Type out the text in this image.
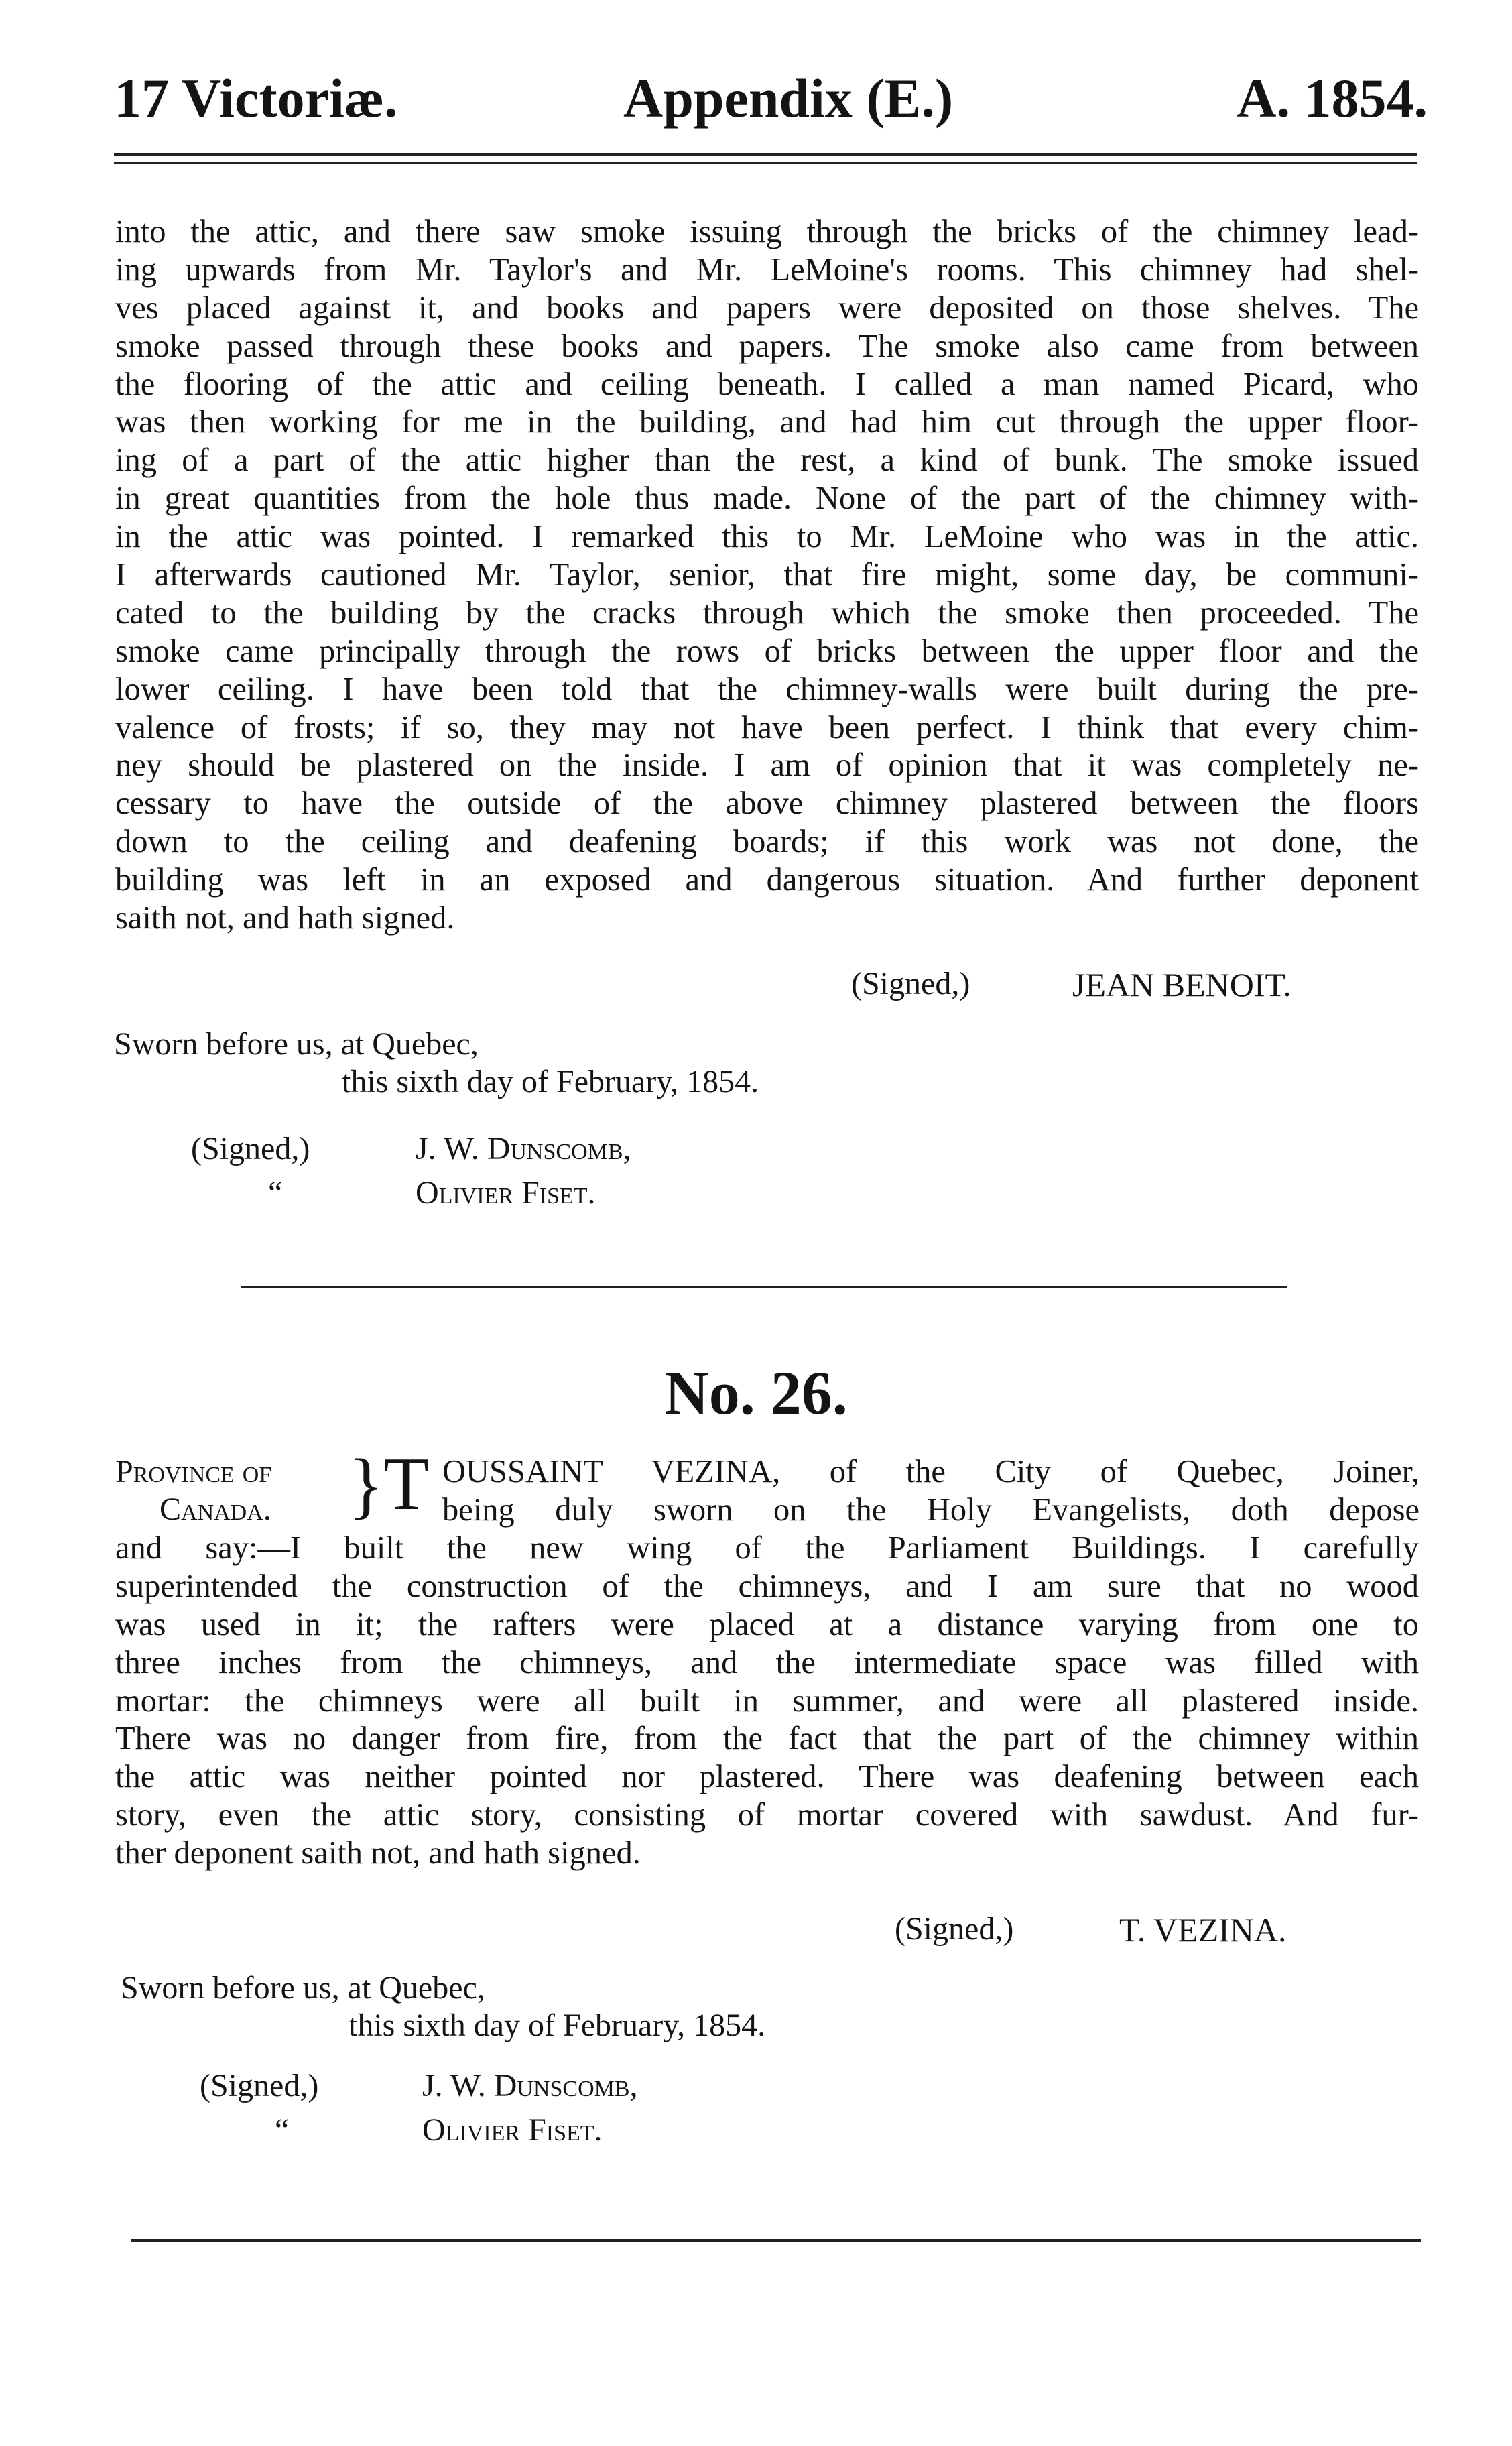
17 Victoriæ.	Appendix (E.)	A. 1854.
into the attic, and there saw smoke issuing through the bricks of the chimney lead-
ing upwards from Mr. Taylor's and Mr. LeMoine's rooms. This chimney had shel-
ves placed against it, and books and papers were deposited on those shelves. The
smoke passed through these books and papers. The smoke also came from between
the flooring of the attic and ceiling beneath. I called a man named Picard, who
was then working for me in the building, and had him cut through the upper floor-
ing of a part of the attic higher than the rest, a kind of bunk. The smoke issued
in great quantities from the hole thus made. None of the part of the chimney with-
in the attic was pointed. I remarked this to Mr. LeMoine who was in the attic.
I afterwards cautioned Mr. Taylor, senior, that fire might, some day, be communi-
cated to the building by the cracks through which the smoke then proceeded. The
smoke came principally through the rows of bricks between the upper floor and the
lower ceiling. I have been told that the chimney-walls were built during the pre-
valence of frosts; if so, they may not have been perfect. I think that every chim-
ney should be plastered on the inside. I am of opinion that it was completely ne-
cessary to have the outside of the above chimney plastered between the floors
down to the ceiling and deafening boards; if this work was not done, the
building was left in an exposed and dangerous situation. And further deponent
saith not, and hath signed.
(Signed,)	JEAN BENOIT.
Sworn before us, at Quebec,
this sixth day of February, 1854.
(Signed,)	J. W. Dunscomb,
“	Olivier Fiset.
No. 26.
Province of
Canada. } T OUSSAINT VEZINA, of the City of Quebec, Joiner,
being duly sworn on the Holy Evangelists, doth depose
and say:—I built the new wing of the Parliament Buildings. I carefully
superintended the construction of the chimneys, and I am sure that no wood
was used in it; the rafters were placed at a distance varying from one to
three inches from the chimneys, and the intermediate space was filled with
mortar: the chimneys were all built in summer, and were all plastered inside.
There was no danger from fire, from the fact that the part of the chimney within
the attic was neither pointed nor plastered. There was deafening between each
story, even the attic story, consisting of mortar covered with sawdust. And fur-
ther deponent saith not, and hath signed.
(Signed,)	T. VEZINA.
Sworn before us, at Quebec,
this sixth day of February, 1854.
(Signed,)	J. W. Dunscomb,
“	Olivier Fiset.
